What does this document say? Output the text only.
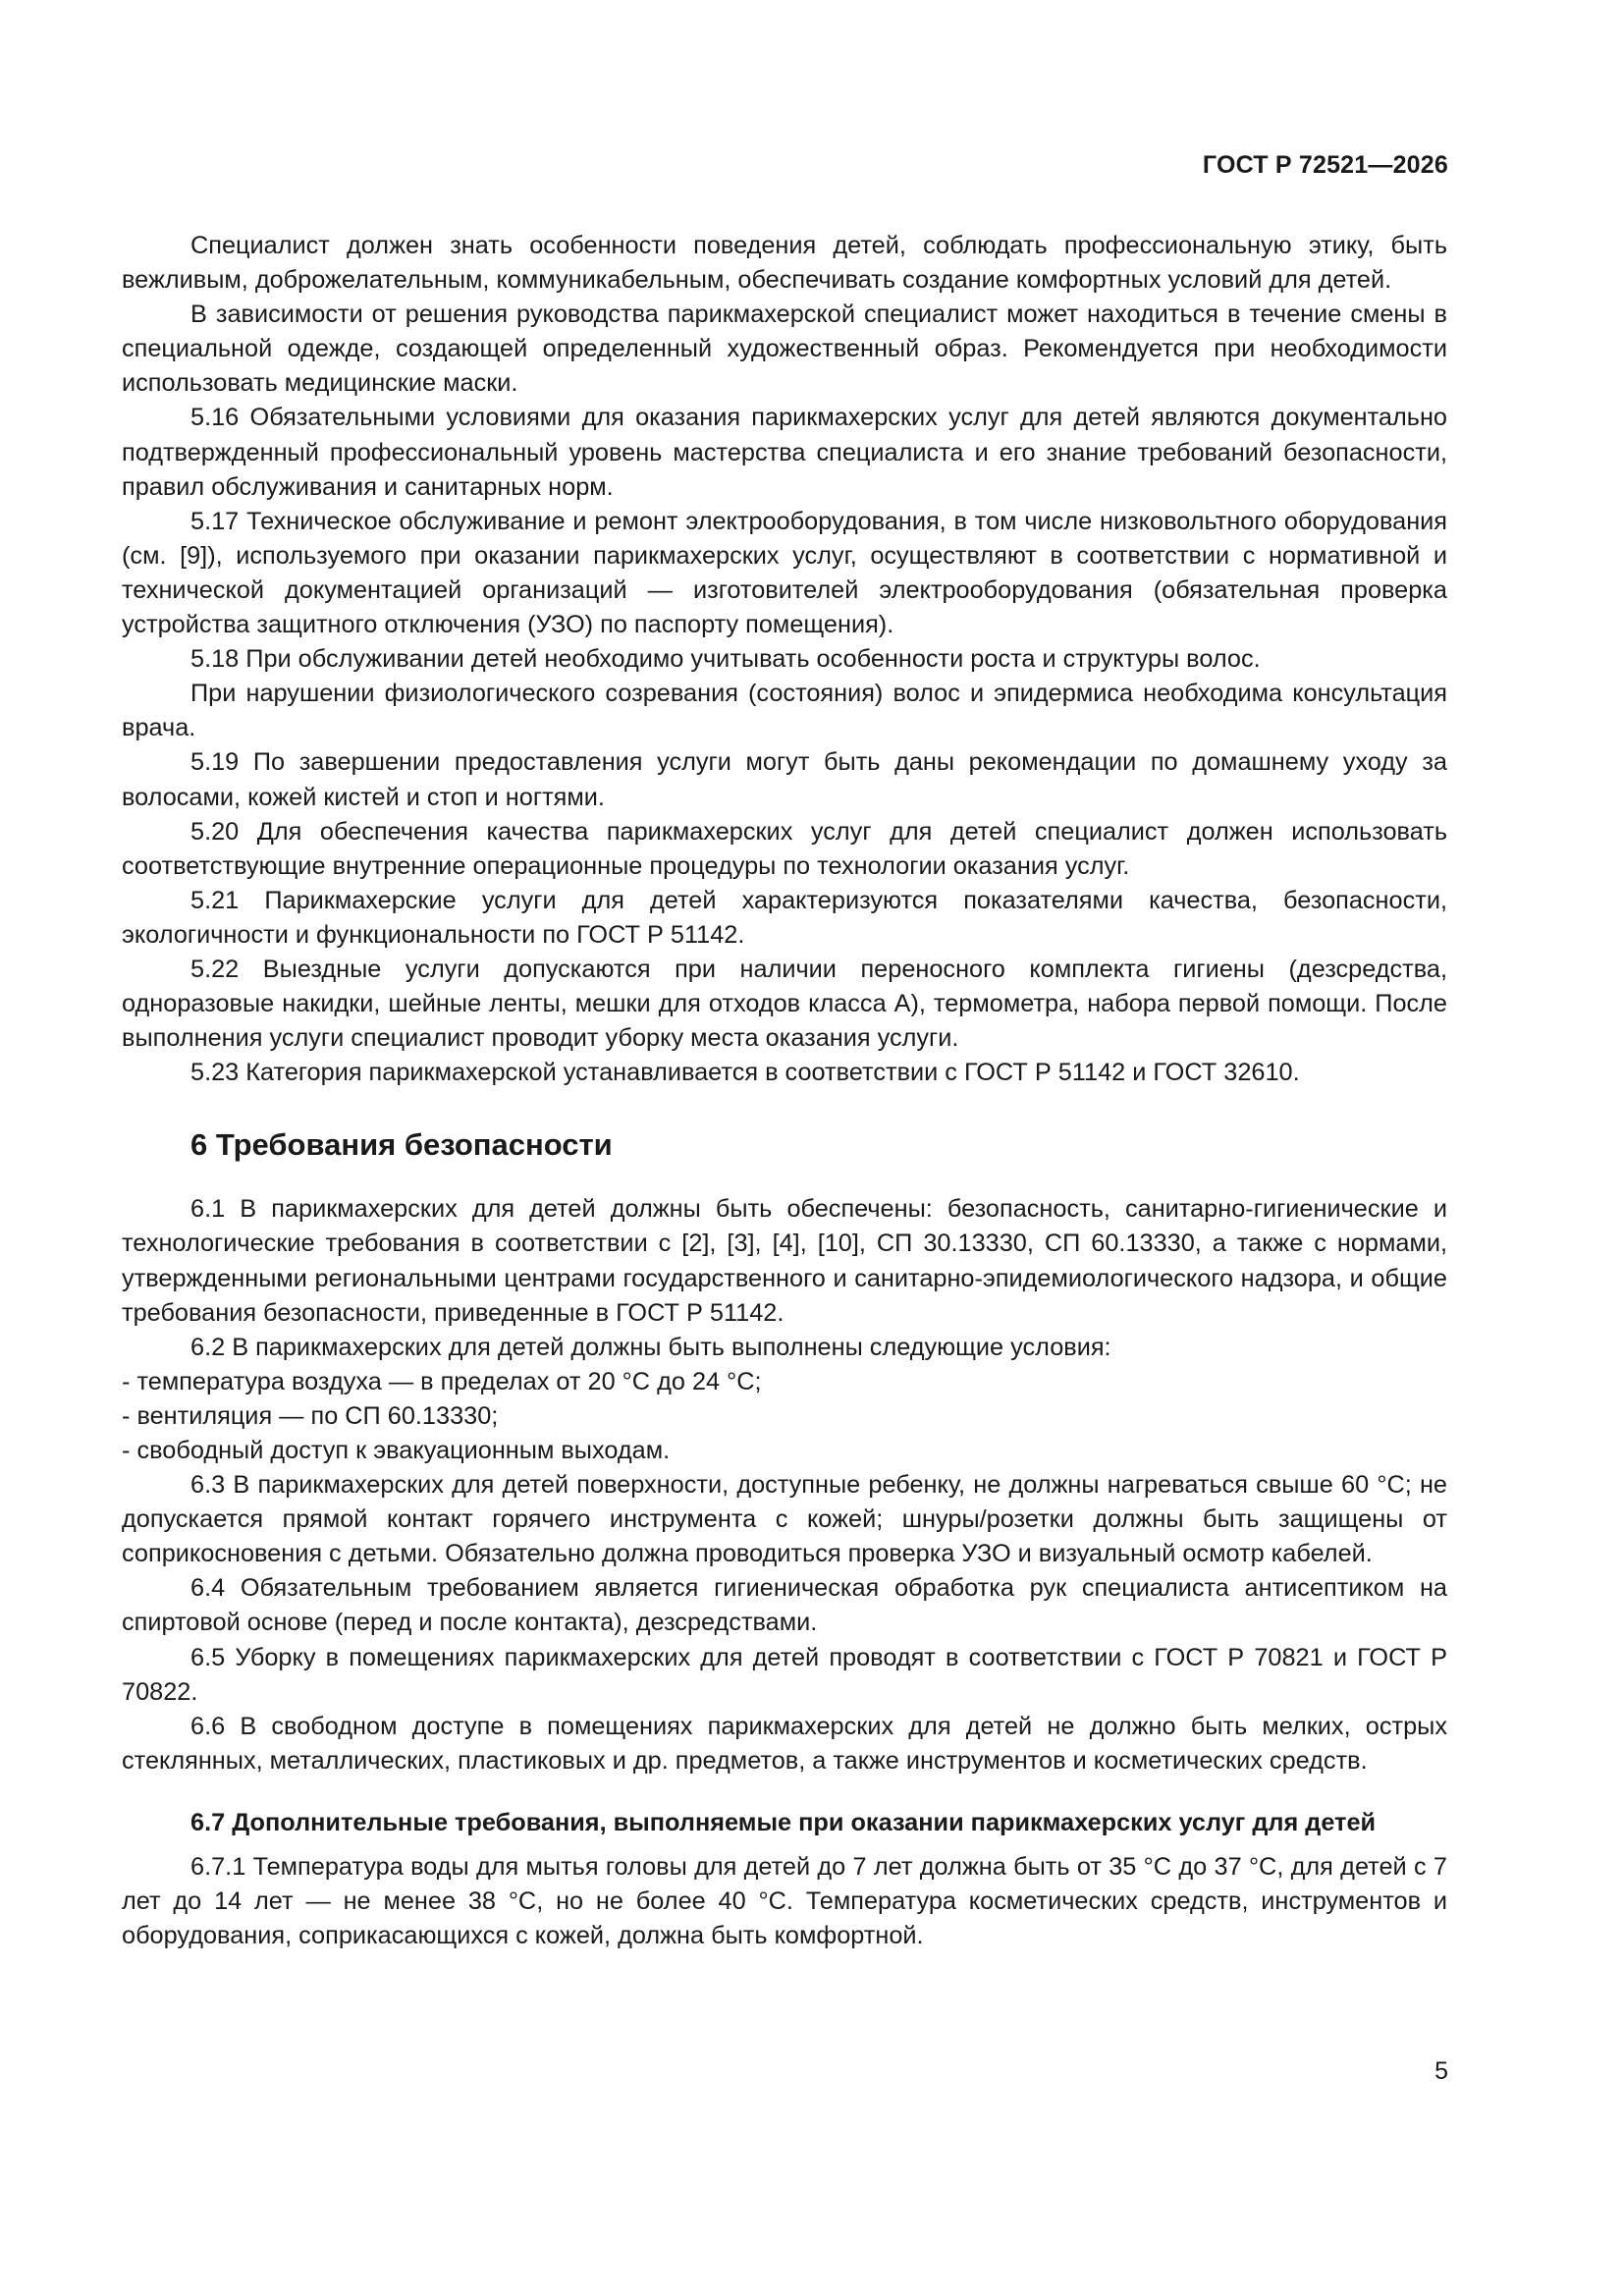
ГОСТ Р 72521—2026

Специалист должен знать особенности поведения детей, соблюдать профессиональную этику, быть вежливым, доброжелательным, коммуникабельным, обеспечивать создание комфортных условий для детей.

В зависимости от решения руководства парикмахерской специалист может находиться в течение смены в специальной одежде, создающей определенный художественный образ. Рекомендуется при необходимости использовать медицинские маски.

5.16 Обязательными условиями для оказания парикмахерских услуг для детей являются документально подтвержденный профессиональный уровень мастерства специалиста и его знание требований безопасности, правил обслуживания и санитарных норм.

5.17 Техническое обслуживание и ремонт электрооборудования, в том числе низковольтного оборудования (см. [9]), используемого при оказании парикмахерских услуг, осуществляют в соответствии с нормативной и технической документацией организаций — изготовителей электрооборудования (обязательная проверка устройства защитного отключения (УЗО) по паспорту помещения).

5.18 При обслуживании детей необходимо учитывать особенности роста и структуры волос.

При нарушении физиологического созревания (состояния) волос и эпидермиса необходима консультация врача.

5.19 По завершении предоставления услуги могут быть даны рекомендации по домашнему уходу за волосами, кожей кистей и стоп и ногтями.

5.20 Для обеспечения качества парикмахерских услуг для детей специалист должен использовать соответствующие внутренние операционные процедуры по технологии оказания услуг.

5.21 Парикмахерские услуги для детей характеризуются показателями качества, безопасности, экологичности и функциональности по ГОСТ Р 51142.

5.22 Выездные услуги допускаются при наличии переносного комплекта гигиены (дезсредства, одноразовые накидки, шейные ленты, мешки для отходов класса А), термометра, набора первой помощи. После выполнения услуги специалист проводит уборку места оказания услуги.

5.23 Категория парикмахерской устанавливается в соответствии с ГОСТ Р 51142 и ГОСТ 32610.

6 Требования безопасности

6.1 В парикмахерских для детей должны быть обеспечены: безопасность, санитарно-гигиенические и технологические требования в соответствии с [2], [3], [4], [10], СП 30.13330, СП 60.13330, а также с нормами, утвержденными региональными центрами государственного и санитарно-эпидемиологического надзора, и общие требования безопасности, приведенные в ГОСТ Р 51142.

6.2 В парикмахерских для детей должны быть выполнены следующие условия:

- температура воздуха — в пределах от 20 °С до 24 °С;

- вентиляция — по СП 60.13330;

- свободный доступ к эвакуационным выходам.

6.3 В парикмахерских для детей поверхности, доступные ребенку, не должны нагреваться свыше 60 °С; не допускается прямой контакт горячего инструмента с кожей; шнуры/розетки должны быть защищены от соприкосновения с детьми. Обязательно должна проводиться проверка УЗО и визуальный осмотр кабелей.

6.4 Обязательным требованием является гигиеническая обработка рук специалиста антисептиком на спиртовой основе (перед и после контакта), дезсредствами.

6.5 Уборку в помещениях парикмахерских для детей проводят в соответствии с ГОСТ Р 70821 и ГОСТ Р 70822.

6.6 В свободном доступе в помещениях парикмахерских для детей не должно быть мелких, острых стеклянных, металлических, пластиковых и др. предметов, а также инструментов и косметических средств.

6.7 Дополнительные требования, выполняемые при оказании парикмахерских услуг для детей

6.7.1 Температура воды для мытья головы для детей до 7 лет должна быть от 35 °С до 37 °С, для детей с 7 лет до 14 лет — не менее 38 °С, но не более 40 °С. Температура косметических средств, инструментов и оборудования, соприкасающихся с кожей, должна быть комфортной.

5
